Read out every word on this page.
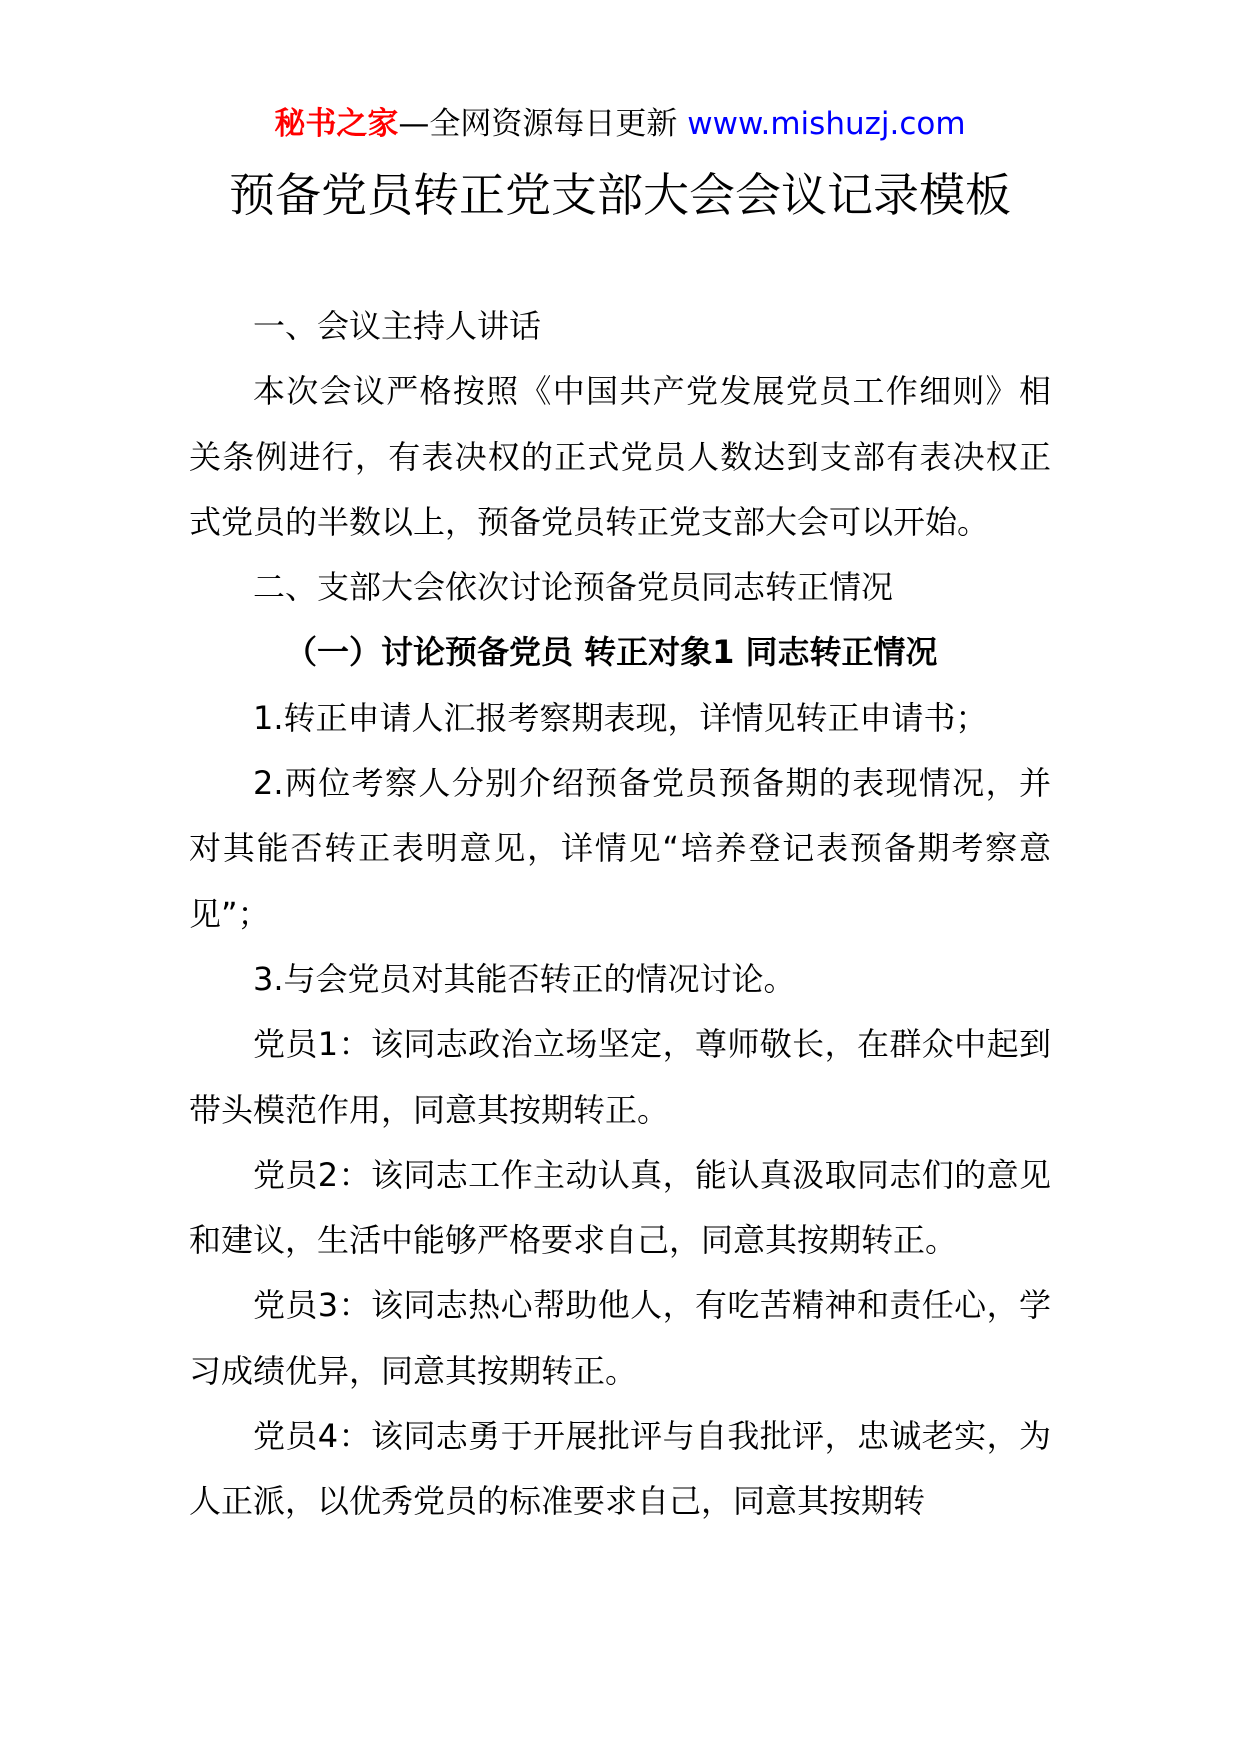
秘书之家—全网资源每日更新 www.mishuzj.com
预备党员转正党支部大会会议记录模板

一、会议主持人讲话

本次会议严格按照《中国共产党发展党员工作细则》相关条例进行，有表决权的正式党员人数达到支部有表决权正式党员的半数以上，预备党员转正党支部大会可以开始。

二、支部大会依次讨论预备党员同志转正情况

（一）讨论预备党员 转正对象1 同志转正情况

1.转正申请人汇报考察期表现，详情见转正申请书；

2.两位考察人分别介绍预备党员预备期的表现情况，并对其能否转正表明意见，详情见“培养登记表预备期考察意见”；

3.与会党员对其能否转正的情况讨论。

党员1：该同志政治立场坚定，尊师敬长，在群众中起到带头模范作用，同意其按期转正。

党员2：该同志工作主动认真，能认真汲取同志们的意见和建议，生活中能够严格要求自己，同意其按期转正。

党员3：该同志热心帮助他人，有吃苦精神和责任心，学习成绩优异，同意其按期转正。

党员4：该同志勇于开展批评与自我批评，忠诚老实，为人正派，以优秀党员的标准要求自己，同意其按期转
